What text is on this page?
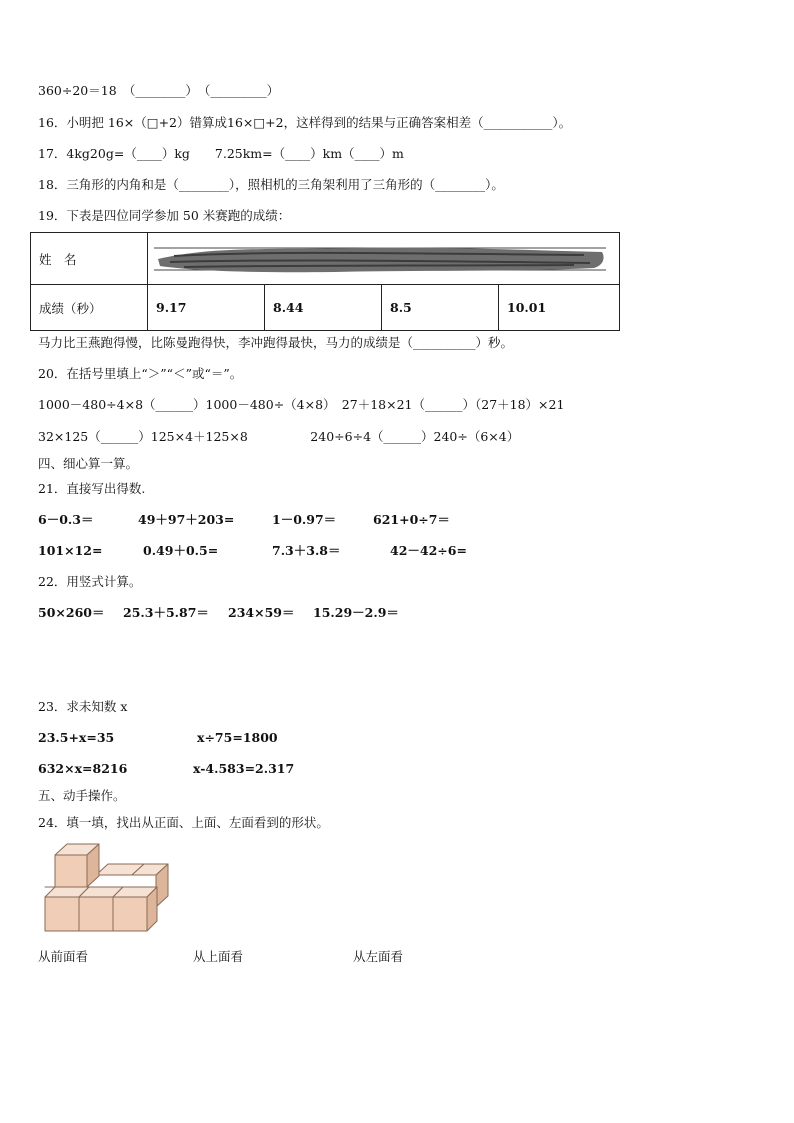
360÷20＝18　（________）　（_________）
16．小明把 16×（□+2）错算成16×□+2，这样得到的结果与正确答案相差（___________）。
17．4kg20g=（____）kg　　7.25km=（____）km（____）m
18．三角形的内角和是（________），照相机的三角架利用了三角形的（________）。
19．下表是四位同学参加 50 米赛跑的成绩：
姓　名	

成绩（秒）	9.17	8.44	8.5	10.01
马力比王燕跑得慢，比陈曼跑得快，李冲跑得最快，马力的成绩是（__________）秒。
20．在括号里填上“＞”“＜”或“＝”。
1000－480÷4×8（______）1000－480÷（4×8）　27＋18×21（______）（27＋18）×21
32×125（______）125×4＋125×8　　　　　240÷6÷4（______）240÷（6×4）
四、细心算一算。
21．直接写出得数.
6－0.3＝	49＋97＋203=	1－0.97＝	621+0÷7＝
101×12=	0.49＋0.5=	7.3＋3.8＝	42－42÷6=
22．用竖式计算。
50×260＝ 25.3＋5.87＝ 234×59＝ 15.29－2.9＝
23．求未知数 x
23.5+x=35	x÷75=1800
632×x=8216	x-4.583=2.317
五、动手操作。
24．填一填，找出从正面、上面、左面看到的形状。
从前面看	从上面看	从左面看
